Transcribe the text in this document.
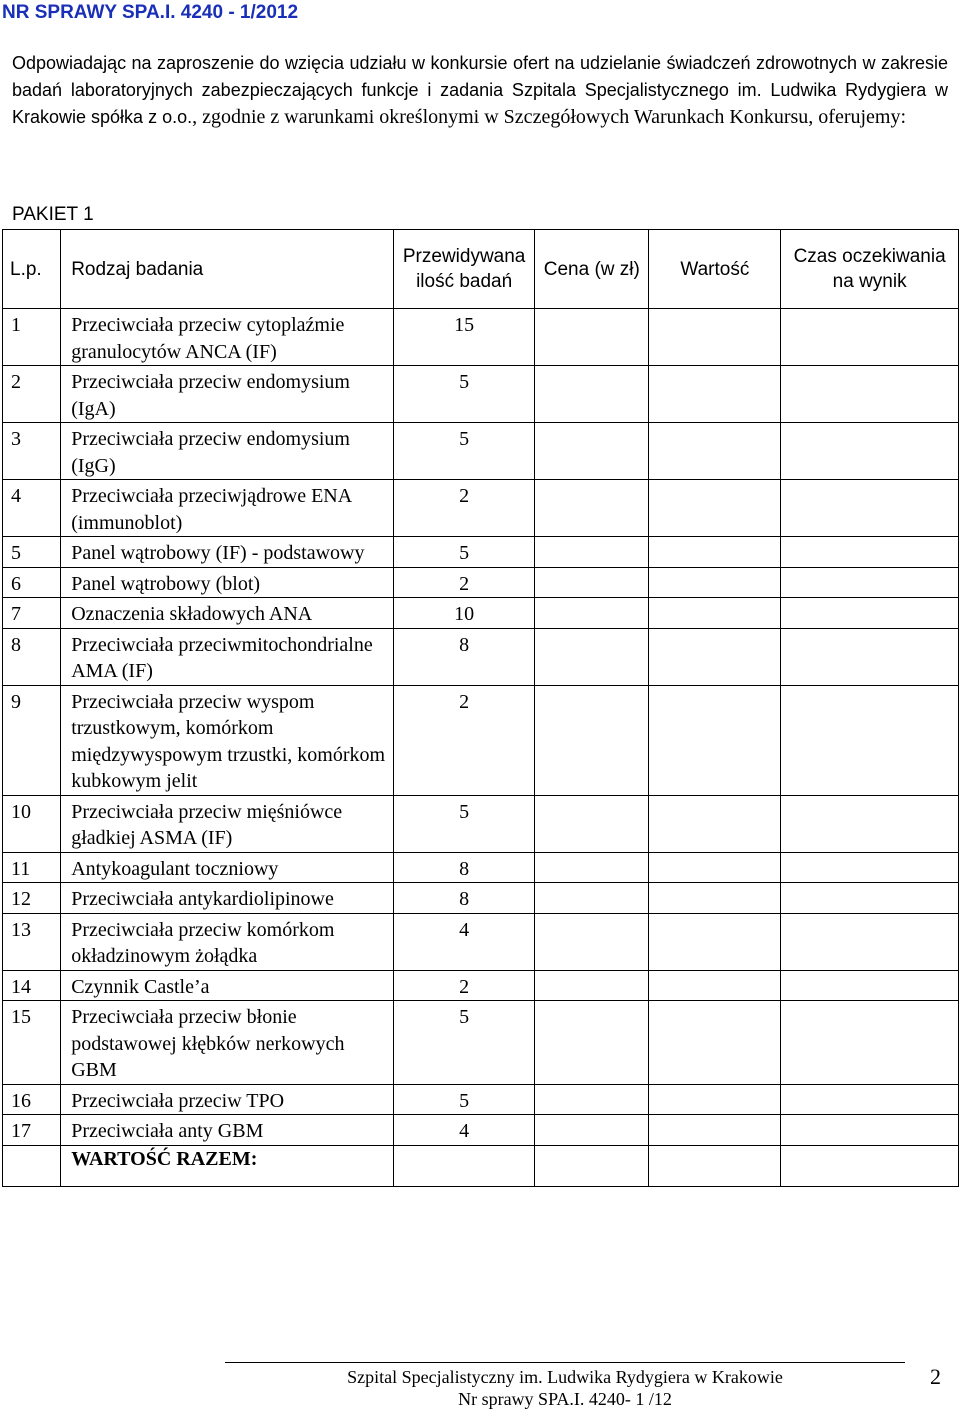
NR SPRAWY SPA.I. 4240 - 1/2012
Odpowiadając na zaproszenie do wzięcia udziału w konkursie ofert na udzielanie świadczeń zdrowotnych w zakresie badań laboratoryjnych zabezpieczających funkcje i zadania Szpitala Specjalistycznego im. Ludwika Rydygiera w Krakowie spółka z o.o., zgodnie z warunkami określonymi w Szczegółowych Warunkach Konkursu, oferujemy:
PAKIET 1
L.p.	Rodzaj badania	Przewidywana ilość badań	Cena (w zł)	Wartość	Czas oczekiwania na wynik
1	Przeciwciała przeciw cytoplaźmie granulocytów ANCA (IF)	15			
2	Przeciwciała przeciw endomysium (IgA)	5			
3	Przeciwciała przeciw endomysium (IgG)	5			
4	Przeciwciała przeciwjądrowe ENA (immunoblot)	2			
5	Panel wątrobowy (IF) - podstawowy	5			
6	Panel wątrobowy (blot)	2			
7	Oznaczenia składowych ANA	10			
8	Przeciwciała przeciwmitochondrialne AMA (IF)	8			
9	Przeciwciała przeciw wyspom trzustkowym, komórkom międzywyspowym trzustki, komórkom kubkowym jelit	2			
10	Przeciwciała przeciw mięśniówce gładkiej ASMA (IF)	5			
11	Antykoagulant toczniowy	8			
12	Przeciwciała antykardiolipinowe	8			
13	Przeciwciała przeciw komórkom okładzinowym żołądka	4			
14	Czynnik Castle’a	2			
15	Przeciwciała przeciw błonie podstawowej kłębków nerkowych GBM	5			
16	Przeciwciała przeciw TPO	5			
17	Przeciwciała anty GBM	4			
	WARTOŚĆ RAZEM:				
Szpital Specjalistyczny im. Ludwika Rydygiera w Krakowie
Nr sprawy SPA.I. 4240- 1 /12
2
